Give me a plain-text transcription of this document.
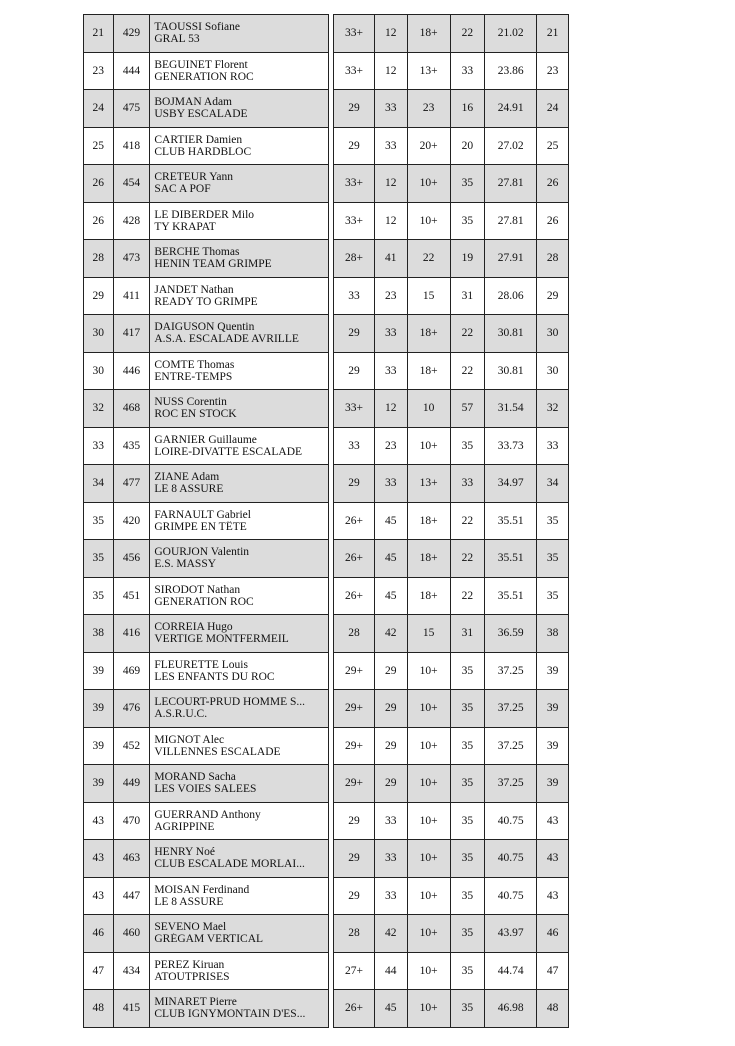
21	429	TAOUSSI Sofiane
GRAL 53		33+	12	18+	22	21.02	21
23	444	BEGUINET Florent
GENERATION ROC		33+	12	13+	33	23.86	23
24	475	BOJMAN Adam
USBY ESCALADE		29	33	23	16	24.91	24
25	418	CARTIER Damien
CLUB HARDBLOC		29	33	20+	20	27.02	25
26	454	CRETEUR Yann
SAC A POF		33+	12	10+	35	27.81	26
26	428	LE DIBERDER Milo
TY KRAPAT		33+	12	10+	35	27.81	26
28	473	BERCHE Thomas
HENIN TEAM GRIMPE		28+	41	22	19	27.91	28
29	411	JANDET Nathan
READY TO GRIMPE		33	23	15	31	28.06	29
30	417	DAIGUSON Quentin
A.S.A. ESCALADE AVRILLE		29	33	18+	22	30.81	30
30	446	COMTE Thomas
ENTRE-TEMPS		29	33	18+	22	30.81	30
32	468	NUSS Corentin
ROC EN STOCK		33+	12	10	57	31.54	32
33	435	GARNIER Guillaume
LOIRE-DIVATTE ESCALADE		33	23	10+	35	33.73	33
34	477	ZIANE Adam
LE 8 ASSURE		29	33	13+	33	34.97	34
35	420	FARNAULT Gabriel
GRIMPE EN TÊTE		26+	45	18+	22	35.51	35
35	456	GOURJON Valentin
E.S. MASSY		26+	45	18+	22	35.51	35
35	451	SIRODOT Nathan
GENERATION ROC		26+	45	18+	22	35.51	35
38	416	CORREIA Hugo
VERTIGE MONTFERMEIL		28	42	15	31	36.59	38
39	469	FLEURETTE Louis
LES ENFANTS DU ROC		29+	29	10+	35	37.25	39
39	476	LECOURT-PRUD HOMME S...
A.S.R.U.C.		29+	29	10+	35	37.25	39
39	452	MIGNOT Alec
VILLENNES ESCALADE		29+	29	10+	35	37.25	39
39	449	MORAND Sacha
LES VOIES SALEES		29+	29	10+	35	37.25	39
43	470	GUERRAND Anthony
AGRIPPINE		29	33	10+	35	40.75	43
43	463	HENRY Noé
CLUB ESCALADE MORLAI...		29	33	10+	35	40.75	43
43	447	MOISAN Ferdinand
LE 8 ASSURE		29	33	10+	35	40.75	43
46	460	SEVENO Mael
GRÉGAM VERTICAL		28	42	10+	35	43.97	46
47	434	PEREZ Kiruan
ATOUTPRISES		27+	44	10+	35	44.74	47
48	415	MINARET Pierre
CLUB IGNYMONTAIN D'ES...		26+	45	10+	35	46.98	48
